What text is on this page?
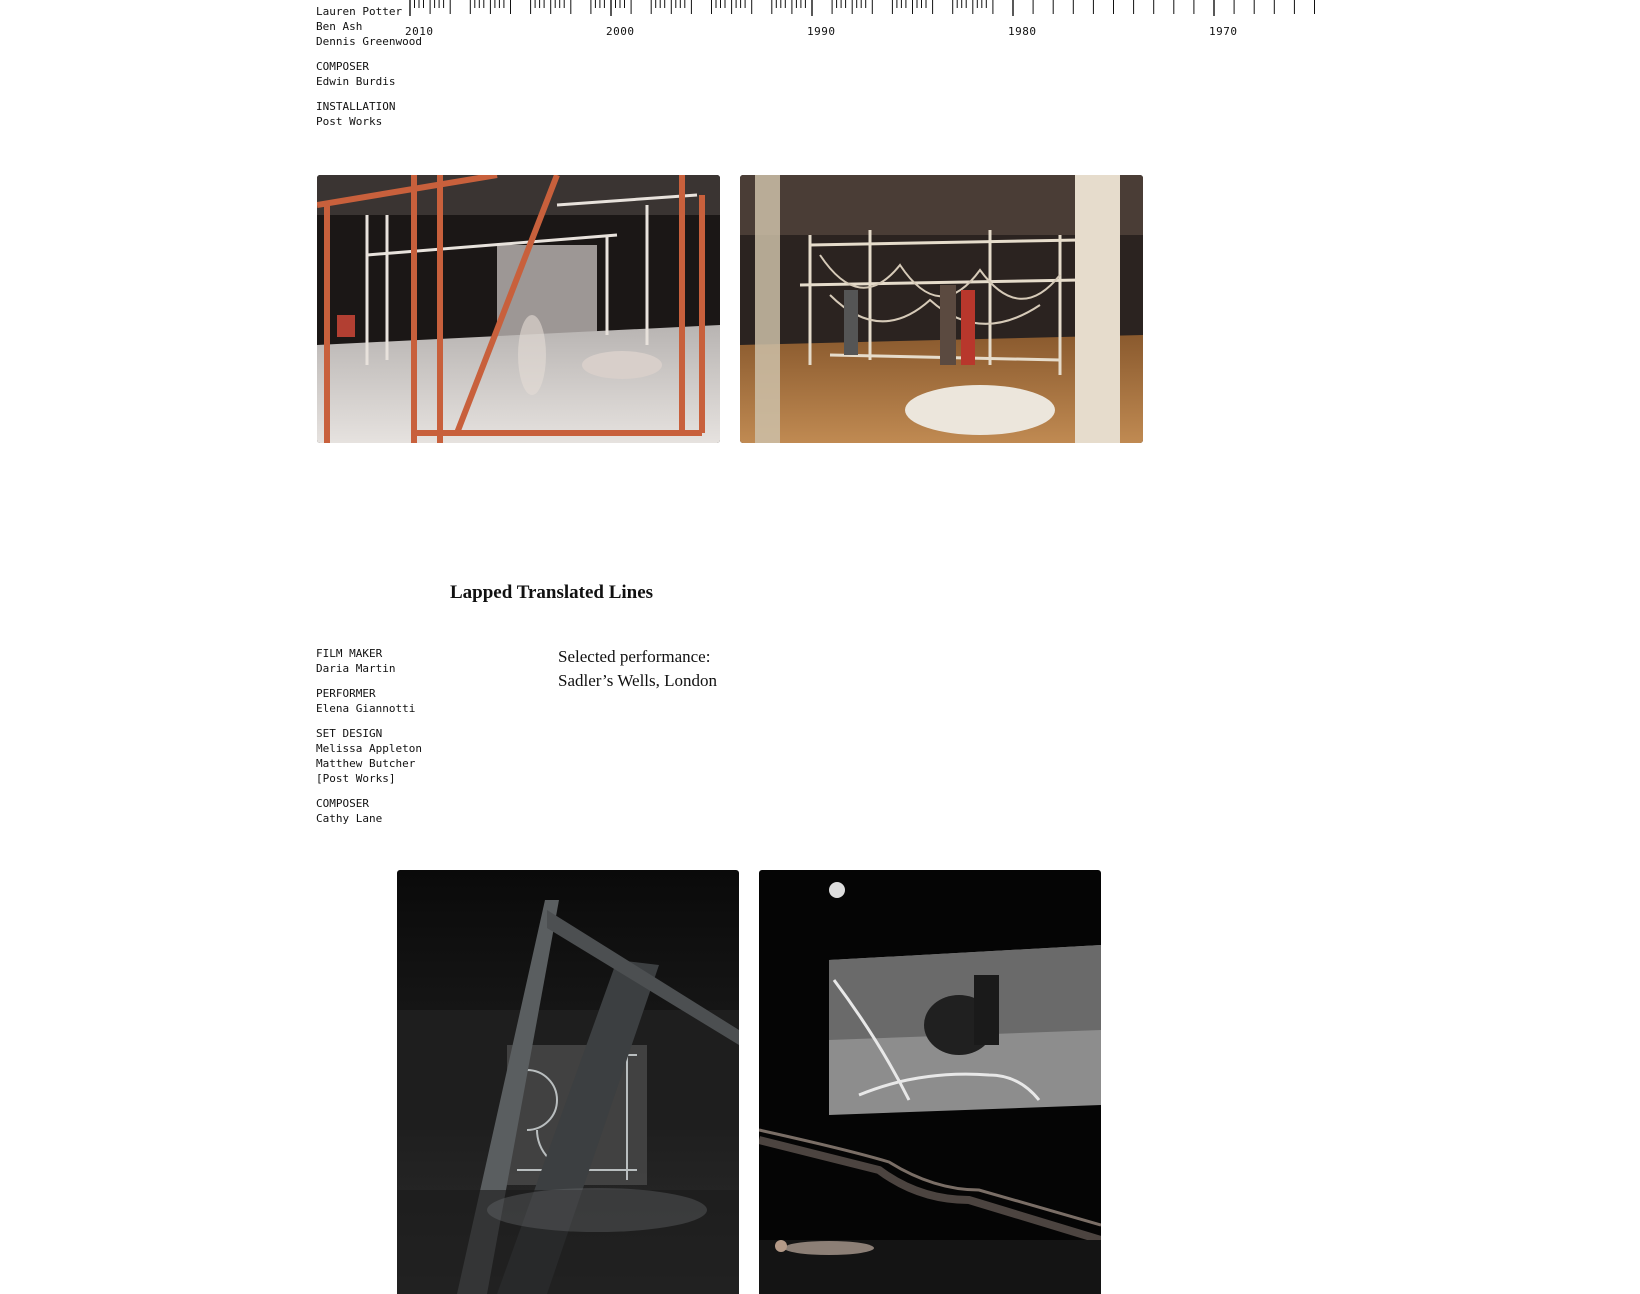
2010	2000	1990	1980	1970
Lauren Potter
Ben Ash
Dennis Greenwood
COMPOSER
Edwin Burdis
INSTALLATION
Post Works
Lapped Translated Lines
Selected performance:
Sadler’s Wells, London
FILM MAKER
Daria Martin
PERFORMER
Elena Giannotti
SET DESIGN
Melissa Appleton
Matthew Butcher
[Post Works]
COMPOSER
Cathy Lane
